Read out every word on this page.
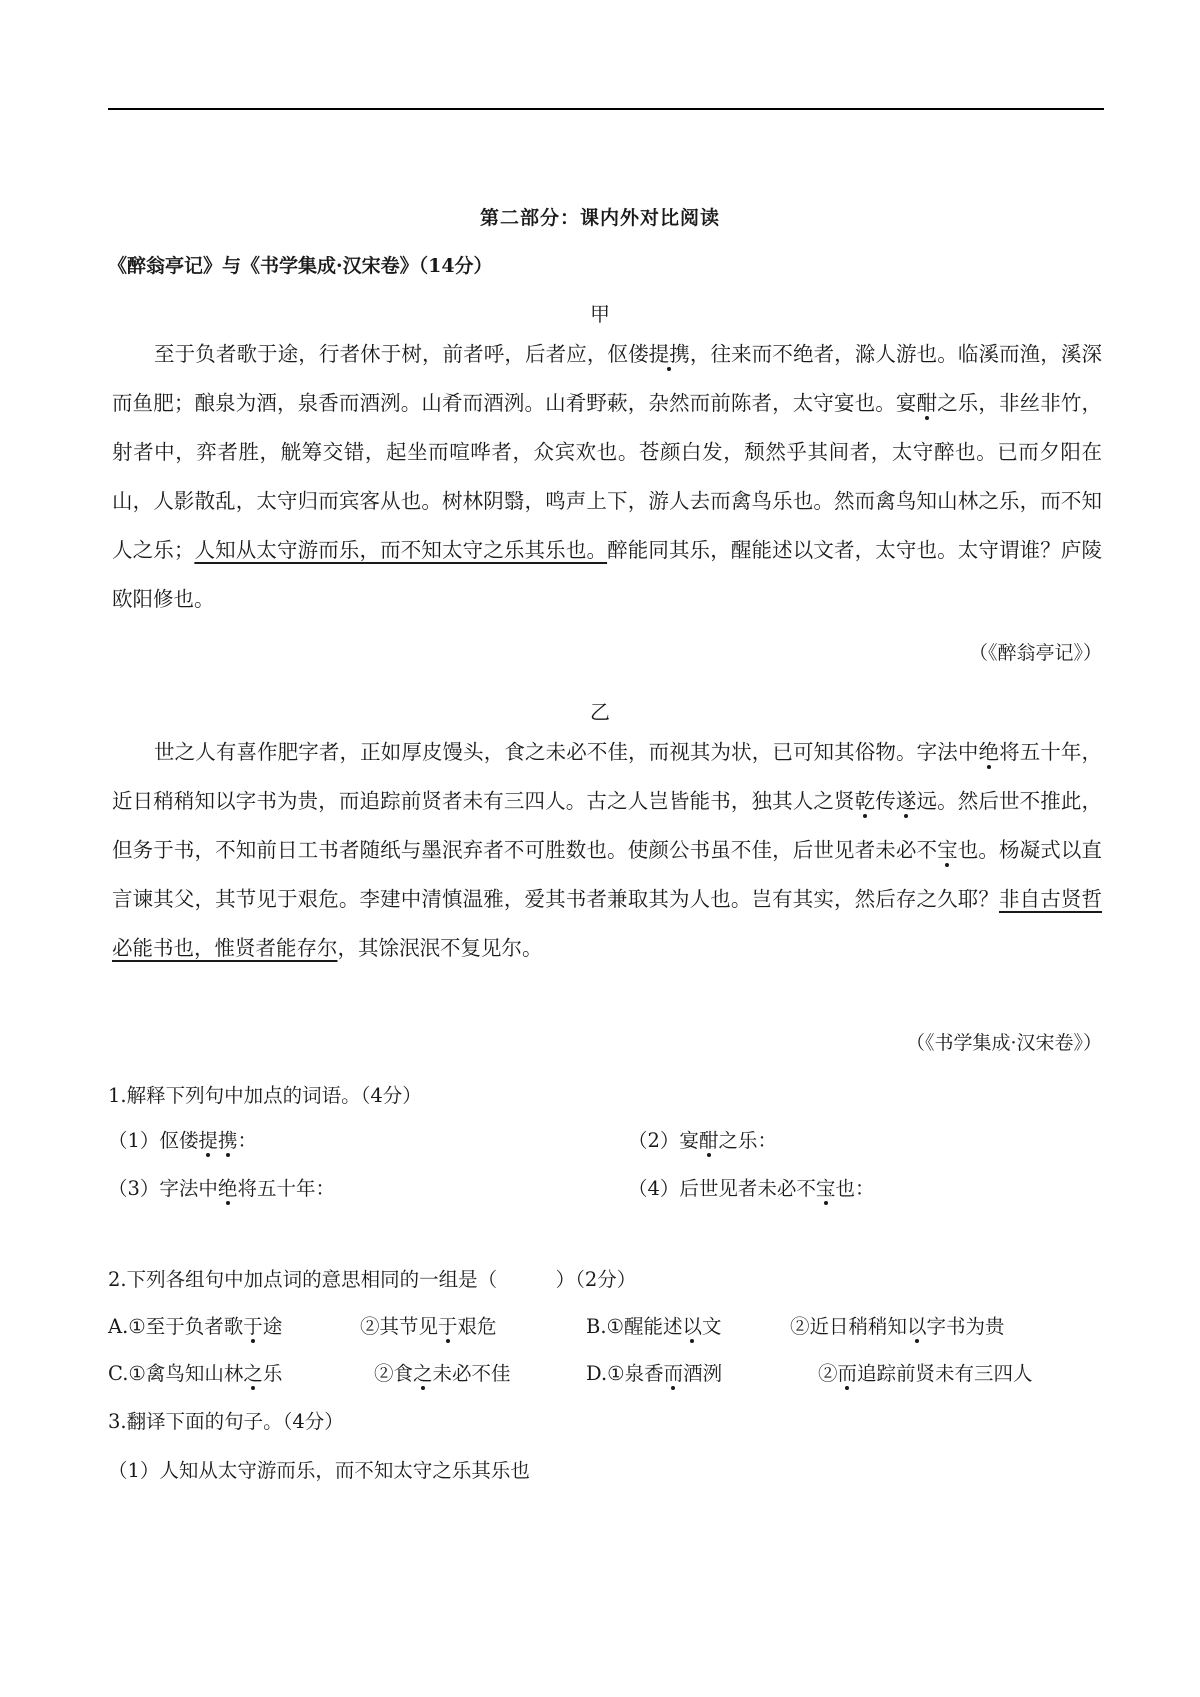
第二部分：课内外对比阅读
《醉翁亭记》与《书学集成·汉宋卷》（14分）
甲

至于负者歌于途，行者休于树，前者呼，后者应，伛偻提携，往来而不绝者，滁人游也。临溪而渔，溪深而鱼肥；酿泉为酒，泉香而酒洌。山肴而酒洌。山肴野蔌，杂然而前陈者，太守宴也。宴酣之乐，非丝非竹，射者中，弈者胜，觥筹交错，起坐而喧哗者，众宾欢也。苍颜白发，颓然乎其间者，太守醉也。已而夕阳在山，人影散乱，太守归而宾客从也。树林阴翳，鸣声上下，游人去而禽鸟乐也。然而禽鸟知山林之乐，而不知人之乐；人知从太守游而乐，而不知太守之乐其乐也。醉能同其乐，醒能述以文者，太守也。太守谓谁？庐陵欧阳修也。

（《醉翁亭记》）
乙

世之人有喜作肥字者，正如厚皮馒头，食之未必不佳，而视其为状，已可知其俗物。字法中绝将五十年，近日稍稍知以字书为贵，而追踪前贤者未有三四人。古之人岂皆能书，独其人之贤乾传遂远。然后世不推此，但务于书，不知前日工书者随纸与墨泯弃者不可胜数也。使颜公书虽不佳，后世见者未必不宝也。杨凝式以直言谏其父，其节见于艰危。李建中清慎温雅，爱其书者兼取其为人也。岂有其实，然后存之久耶？非自古贤哲必能书也，惟贤者能存尔，其馀泯泯不复见尔。

（《书学集成·汉宋卷》）
1.解释下列句中加点的词语。（4分）
（1）伛偻提携：	（2）宴酣之乐：
（3）字法中绝将五十年：	（4）后世见者未必不宝也：
2.下列各组句中加点词的意思相同的一组是（　　　）（2分）
A.①至于负者歌于途	②其节见于艰危	B.①醒能述以文	②近日稍稍知以字书为贵
C.①禽鸟知山林之乐	②食之未必不佳	D.①泉香而酒洌	②而追踪前贤未有三四人
3.翻译下面的句子。（4分）
（1）人知从太守游而乐，而不知太守之乐其乐也
